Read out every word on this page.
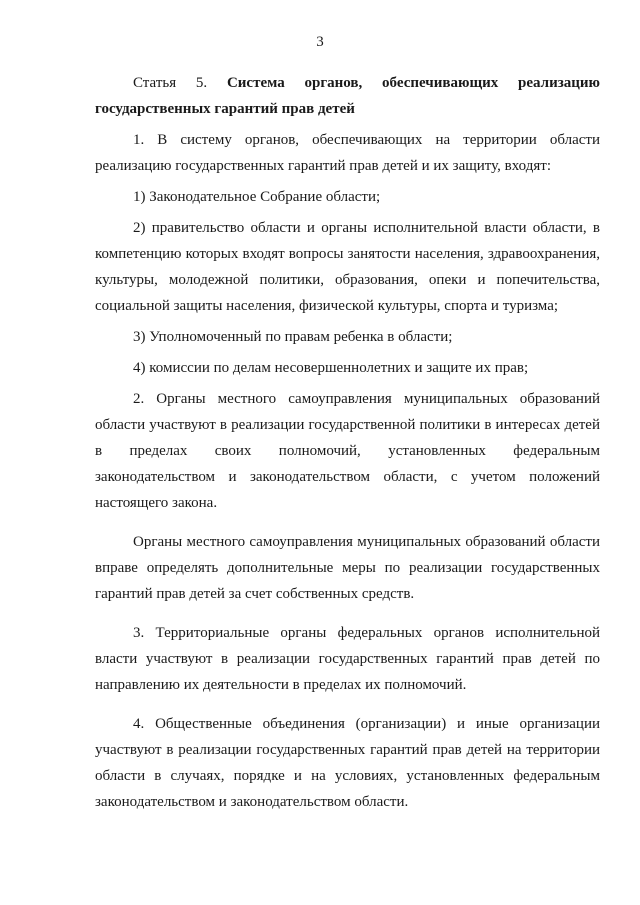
3

Статья 5. Система органов, обеспечивающих реализацию государственных гарантий прав детей

1. В систему органов, обеспечивающих на территории области реализацию государственных гарантий прав детей и их защиту, входят:

1) Законодательное Собрание области;

2) правительство области и органы исполнительной власти области, в компетенцию которых входят вопросы занятости населения, здравоохранения, культуры, молодежной политики, образования, опеки и попечительства, социальной защиты населения, физической культуры, спорта и туризма;

3) Уполномоченный по правам ребенка в области;

4) комиссии по делам несовершеннолетних и защите их прав;

2. Органы местного самоуправления муниципальных образований области участвуют в реализации государственной политики в интересах детей в пределах своих полномочий, установленных федеральным законодательством и законодательством области, с учетом положений настоящего закона.

Органы местного самоуправления муниципальных образований области вправе определять дополнительные меры по реализации государственных гарантий прав детей за счет собственных средств.

3. Территориальные органы федеральных органов исполнительной власти участвуют в реализации государственных гарантий прав детей по направлению их деятельности в пределах их полномочий.

4. Общественные объединения (организации) и иные организации участвуют в реализации государственных гарантий прав детей на территории области в случаях, порядке и на условиях, установленных федеральным законодательством и законодательством области.
